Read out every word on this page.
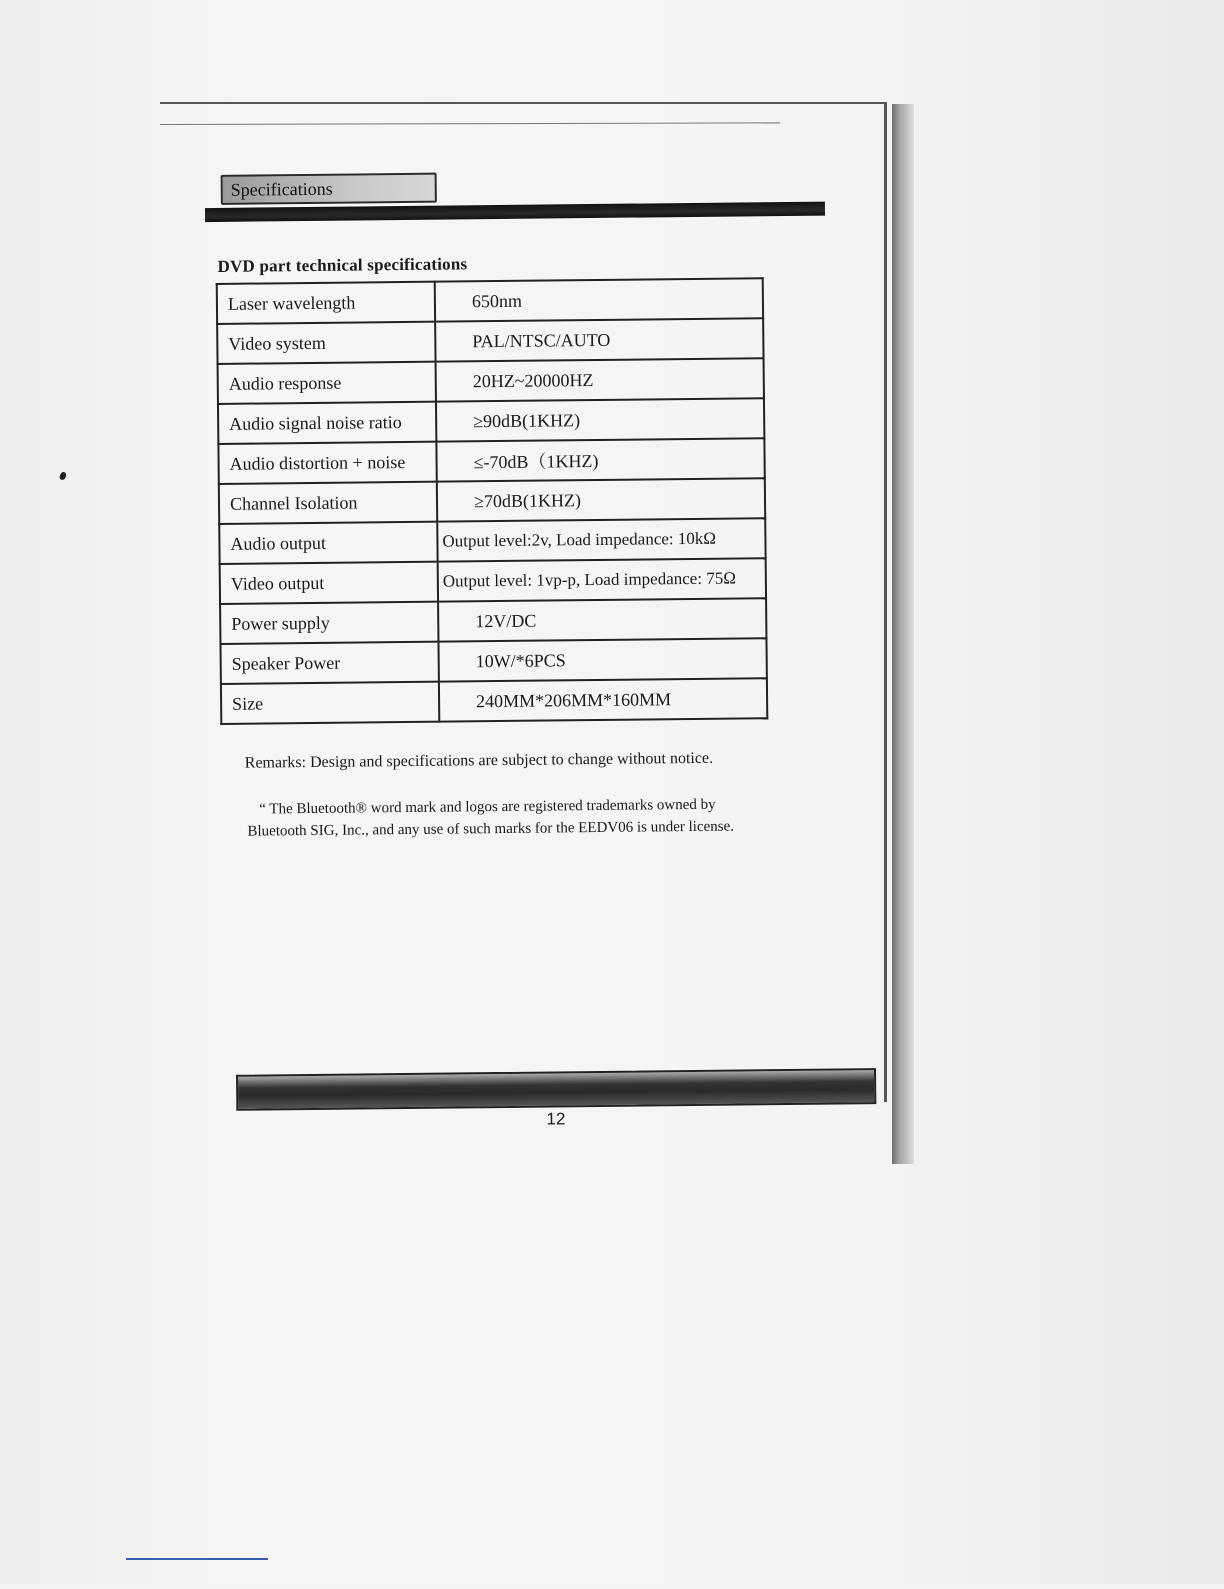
Specifications
DVD part technical specifications
Laser wavelength	650nm
Video system	PAL/NTSC/AUTO
Audio response	20HZ~20000HZ
Audio signal noise ratio	≥90dB(1KHZ)
Audio distortion + noise	≤-70dB（1KHZ)
Channel Isolation	≥70dB(1KHZ)
Audio output	Output level:2v, Load impedance: 10kΩ
Video output	Output level: 1vp-p, Load impedance: 75Ω
Power supply	12V/DC
Speaker Power	10W/*6PCS
Size	240MM*206MM*160MM
Remarks: Design and specifications are subject to change without notice.
“ The Bluetooth® word mark and logos are registered trademarks owned by
Bluetooth SIG, Inc., and any use of such marks for the EEDV06 is under license.
12
